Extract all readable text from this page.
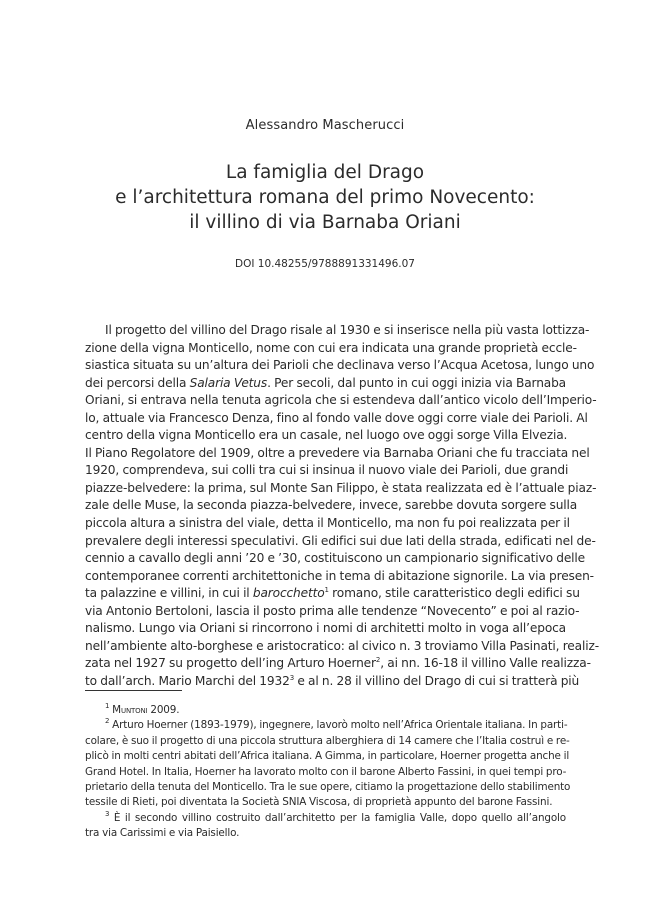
Alessandro Mascherucci
La famiglia del Drago
e l’architettura romana del primo Novecento:
il villino di via Barnaba Oriani
DOI 10.48255/9788891331496.07
Il progetto del villino del Drago risale al 1930 e si inserisce nella più vasta lottizza-
zione della vigna Monticello, nome con cui era indicata una grande proprietà eccle-
siastica situata su un’altura dei Parioli che declinava verso l’Acqua Acetosa, lungo uno
dei percorsi della Salaria Vetus. Per secoli, dal punto in cui oggi inizia via Barnaba
Oriani, si entrava nella tenuta agricola che si estendeva dall’antico vicolo dell’Imperio-
lo, attuale via Francesco Denza, fino al fondo valle dove oggi corre viale dei Parioli. Al
centro della vigna Monticello era un casale, nel luogo ove oggi sorge Villa Elvezia.
Il Piano Regolatore del 1909, oltre a prevedere via Barnaba Oriani che fu tracciata nel
1920, comprendeva, sui colli tra cui si insinua il nuovo viale dei Parioli, due grandi
piazze-belvedere: la prima, sul Monte San Filippo, è stata realizzata ed è l’attuale piaz-
zale delle Muse, la seconda piazza-belvedere, invece, sarebbe dovuta sorgere sulla
piccola altura a sinistra del viale, detta il Monticello, ma non fu poi realizzata per il
prevalere degli interessi speculativi. Gli edifici sui due lati della strada, edificati nel de-
cennio a cavallo degli anni ’20 e ’30, costituiscono un campionario significativo delle
contemporanee correnti architettoniche in tema di abitazione signorile. La via presen-
ta palazzine e villini, in cui il barocchetto$^1$ romano, stile caratteristico degli edifici su
via Antonio Bertoloni, lascia il posto prima alle tendenze “Novecento” e poi al razio-
nalismo. Lungo via Oriani si rincorrono i nomi di architetti molto in voga all’epoca
nell’ambiente alto-borghese e aristocratico: al civico n. 3 troviamo Villa Pasinati, realiz-
zata nel 1927 su progetto dell’ing Arturo Hoerner$^2$, ai nn. 16-18 il villino Valle realizza-
to dall’arch. Mario Marchi del 1932$^3$ e al n. 28 il villino del Drago di cui si tratterà più
$^1$ Muntoni 2009.
$^2$ Arturo Hoerner (1893-1979), ingegnere, lavorò molto nell’Africa Orientale italiana. In parti-
colare, è suo il progetto di una piccola struttura alberghiera di 14 camere che l’Italia costruì e re-
plicò in molti centri abitati dell’Africa italiana. A Gimma, in particolare, Hoerner progetta anche il
Grand Hotel. In Italia, Hoerner ha lavorato molto con il barone Alberto Fassini, in quei tempi pro-
prietario della tenuta del Monticello. Tra le sue opere, citiamo la progettazione dello stabilimento
tessile di Rieti, poi diventata la Società SNIA Viscosa, di proprietà appunto del barone Fassini.
$^3$ È il secondo villino costruito dall’architetto per la famiglia Valle, dopo quello all’angolo
tra via Carissimi e via Paisiello.
